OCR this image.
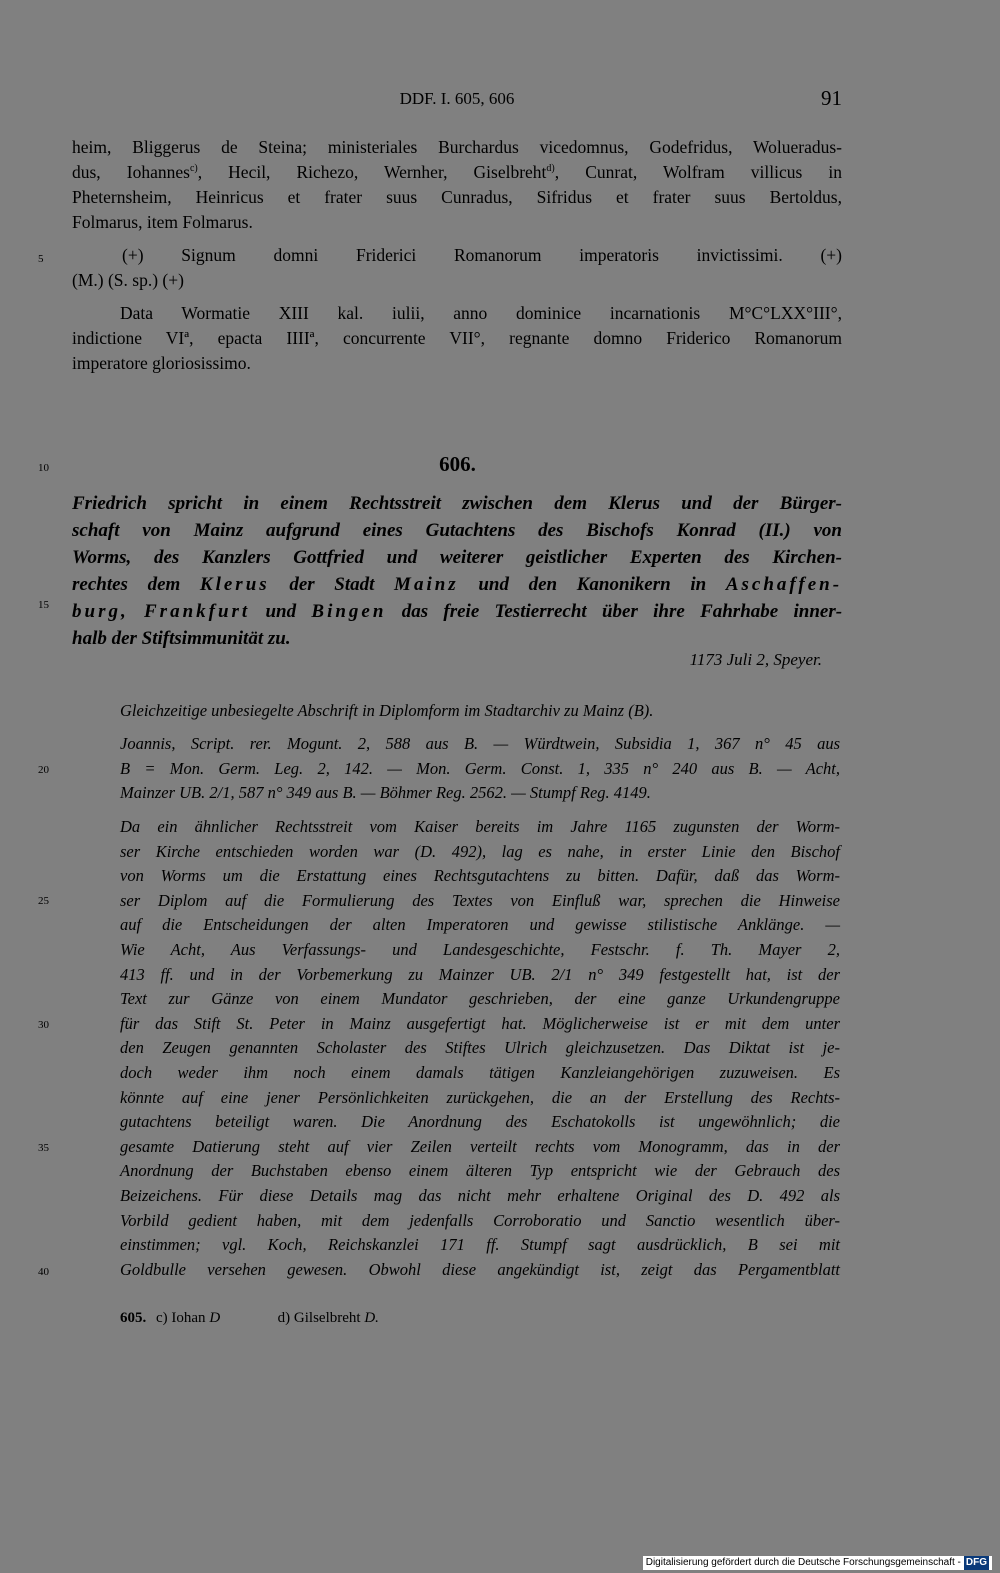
DDF. I. 605, 606	91
heim, Bliggerus de Steina; ministeriales Burchardus vicedomnus, Godefridus, Wolueradus-
dus, Iohannes$^{c)}$, Hecil, Richezo, Wernher, Giselbreht$^{d)}$, Cunrat, Wolfram villicus in
Pheternsheim, Heinricus et frater suus Cunradus, Sifridus et frater suus Bertoldus,
Folmarus, item Folmarus.
5	(+) Signum domni Friderici Romanorum imperatoris invictissimi. (+)
(M.) (S. sp.) (+)
Data Wormatie XIII kal. iulii, anno dominice incarnationis M°C°LXX°III°,
indictione VIª, epacta IIIIª, concurrente VII°, regnante domno Friderico Romanorum
imperatore gloriosissimo.
10	606.
Friedrich spricht in einem Rechtsstreit zwischen dem Klerus und der Bürger-
schaft von Mainz aufgrund eines Gutachtens des Bischofs Konrad (II.) von
Worms, des Kanzlers Gottfried und weiterer geistlicher Experten des Kirchen-
rechtes dem Klerus der Stadt Mainz und den Kanonikern in Aschaffen-
burg, Frankfurt und Bingen das freie Testierrecht über ihre Fahrhabe inner-
halb der Stiftsimmunität zu.
15
1173 Juli 2, Speyer.
Gleichzeitige unbesiegelte Abschrift in Diplomform im Stadtarchiv zu Mainz (B).
Joannis, Script. rer. Mogunt. 2, 588 aus B. — Würdtwein, Subsidia 1, 367 n° 45 aus
B = Mon. Germ. Leg. 2, 142. — Mon. Germ. Const. 1, 335 n° 240 aus B. — Acht,
Mainzer UB. 2/1, 587 n° 349 aus B. — Böhmer Reg. 2562. — Stumpf Reg. 4149.
20
Da ein ähnlicher Rechtsstreit vom Kaiser bereits im Jahre 1165 zugunsten der Worm-
ser Kirche entschieden worden war (D. 492), lag es nahe, in erster Linie den Bischof
von Worms um die Erstattung eines Rechtsgutachtens zu bitten. Dafür, daß das Worm-
ser Diplom auf die Formulierung des Textes von Einfluß war, sprechen die Hinweise
auf die Entscheidungen der alten Imperatoren und gewisse stilistische Anklänge. —
Wie Acht, Aus Verfassungs- und Landesgeschichte, Festschr. f. Th. Mayer 2,
413 ff. und in der Vorbemerkung zu Mainzer UB. 2/1 n° 349 festgestellt hat, ist der
Text zur Gänze von einem Mundator geschrieben, der eine ganze Urkundengruppe
für das Stift St. Peter in Mainz ausgefertigt hat. Möglicherweise ist er mit dem unter
den Zeugen genannten Scholaster des Stiftes Ulrich gleichzusetzen. Das Diktat ist je-
doch weder ihm noch einem damals tätigen Kanzleiangehörigen zuzuweisen. Es
könnte auf eine jener Persönlichkeiten zurückgehen, die an der Erstellung des Rechts-
gutachtens beteiligt waren. Die Anordnung des Eschatokolls ist ungewöhnlich; die
gesamte Datierung steht auf vier Zeilen verteilt rechts vom Monogramm, das in der
Anordnung der Buchstaben ebenso einem älteren Typ entspricht wie der Gebrauch des
Beizeichens. Für diese Details mag das nicht mehr erhaltene Original des D. 492 als
Vorbild gedient haben, mit dem jedenfalls Corroboratio und Sanctio wesentlich über-
einstimmen; vgl. Koch, Reichskanzlei 171 ff. Stumpf sagt ausdrücklich, B sei mit
Goldbulle versehen gewesen. Obwohl diese angekündigt ist, zeigt das Pergamentblatt
25
30
35
40
605. c) Iohan D	d) Gilselbreht D.
Digitalisierung gefördert durch die Deutsche Forschungsgemeinschaft - DFG
